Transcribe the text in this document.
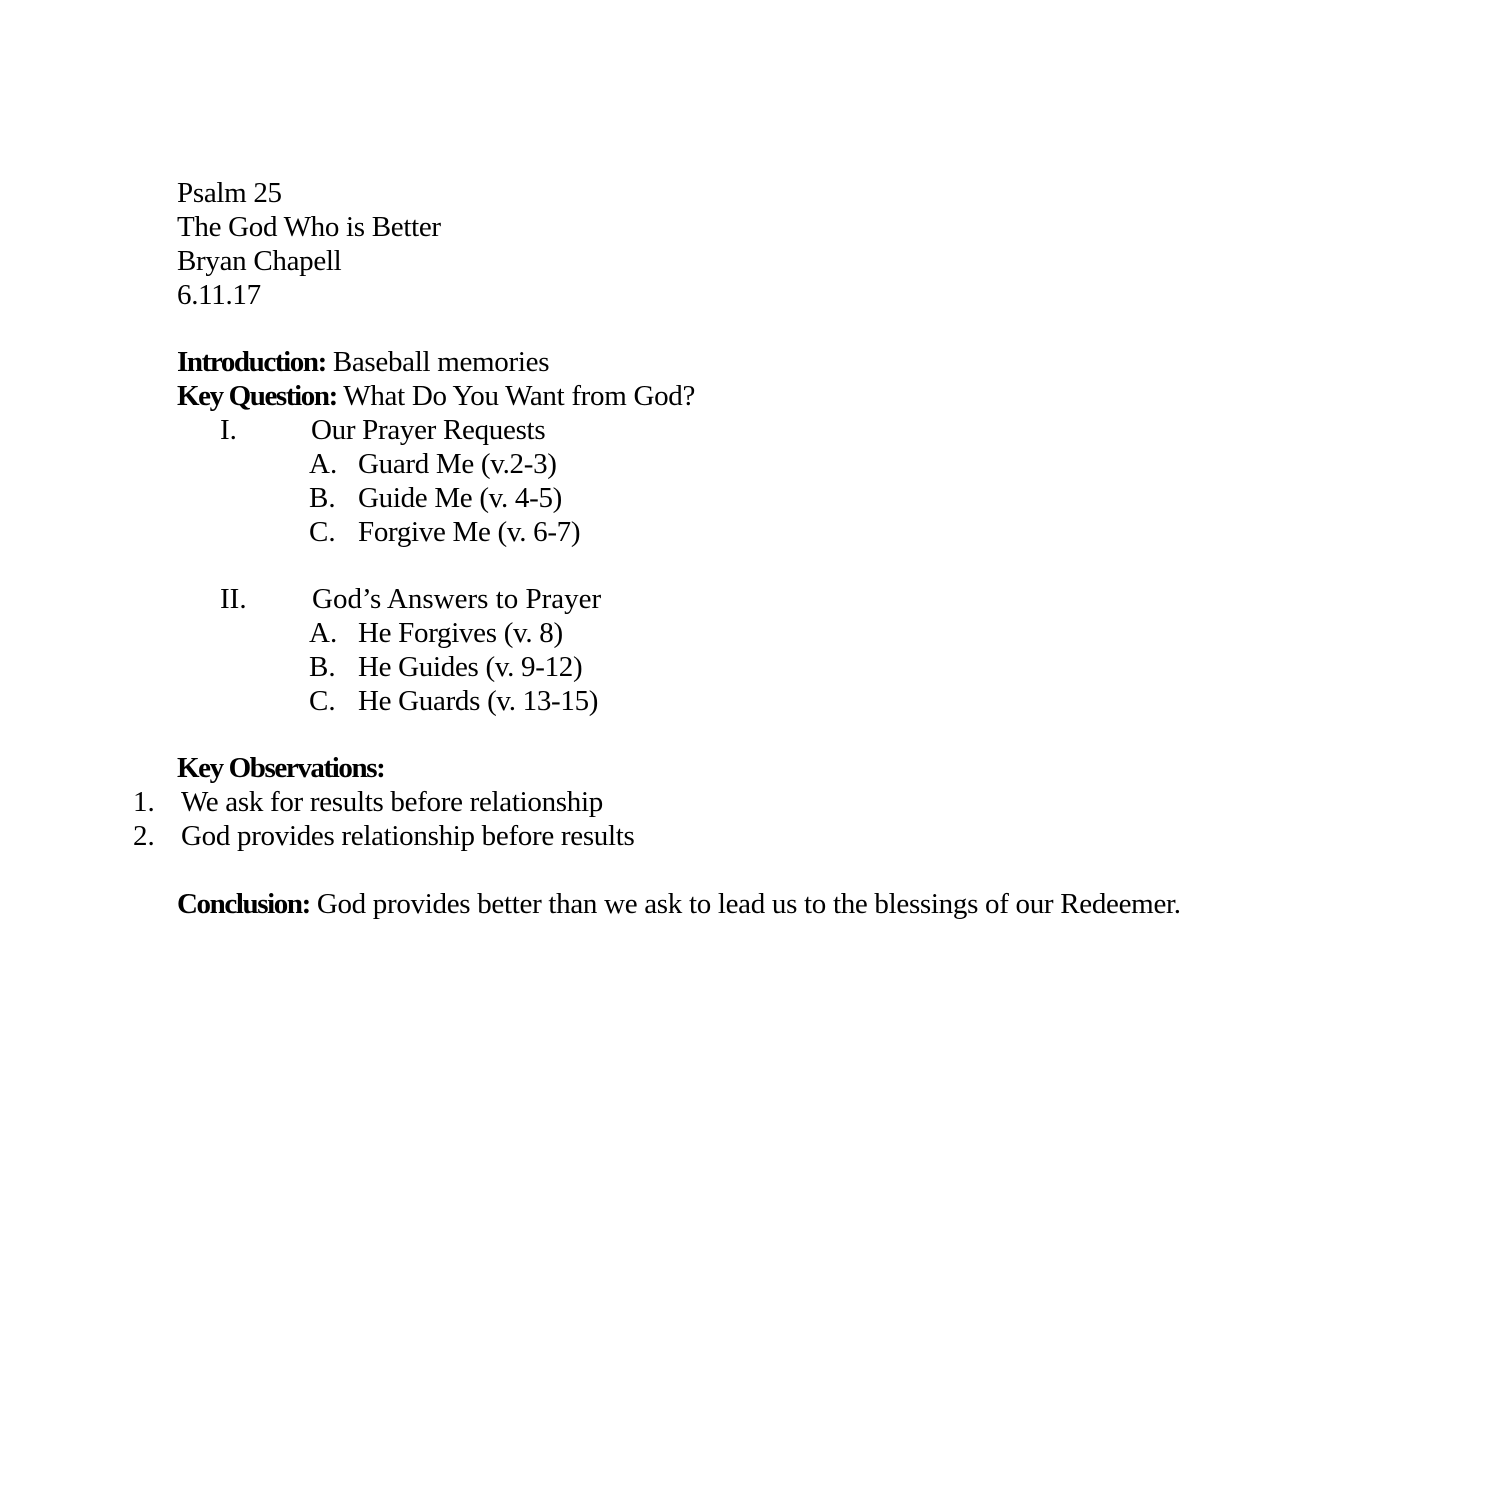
Psalm 25
The God Who is Better
Bryan Chapell
6.11.17
Introduction: Baseball memories
Key Question: What Do You Want from God?
I.	Our Prayer Requests
A. Guard Me (v.2-3)
B. Guide Me (v. 4-5)
C. Forgive Me (v. 6-7)
II. God’s Answers to Prayer
A. He Forgives (v. 8)
B. He Guides (v. 9-12)
C. He Guards (v. 13-15)
Key Observations:
1. We ask for results before relationship
2. God provides relationship before results
Conclusion: God provides better than we ask to lead us to the blessings of our Redeemer.
